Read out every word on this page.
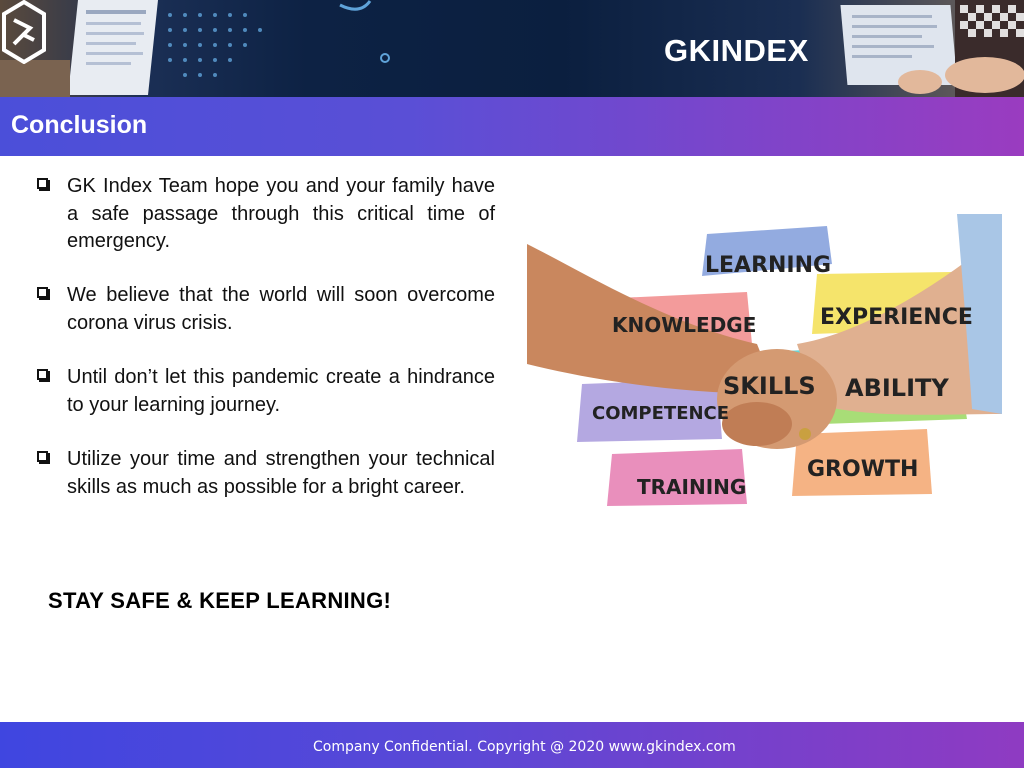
GKINDEX
Conclusion
GK Index Team hope you and your family have a safe passage through this critical time of emergency.
We believe that the world will soon overcome corona virus crisis.
Until don’t let this pandemic create a hindrance to your learning journey.
Utilize your time and strengthen your technical skills as much as possible for a bright career.
STAY SAFE & KEEP LEARNING!
LEARNING
EXPERIENCE
KNOWLEDGE
SKILLS ABILITY
COMPETENCE
TRAINING
GROWTH
Company Confidential. Copyright @ 2020 www.gkindex.com
